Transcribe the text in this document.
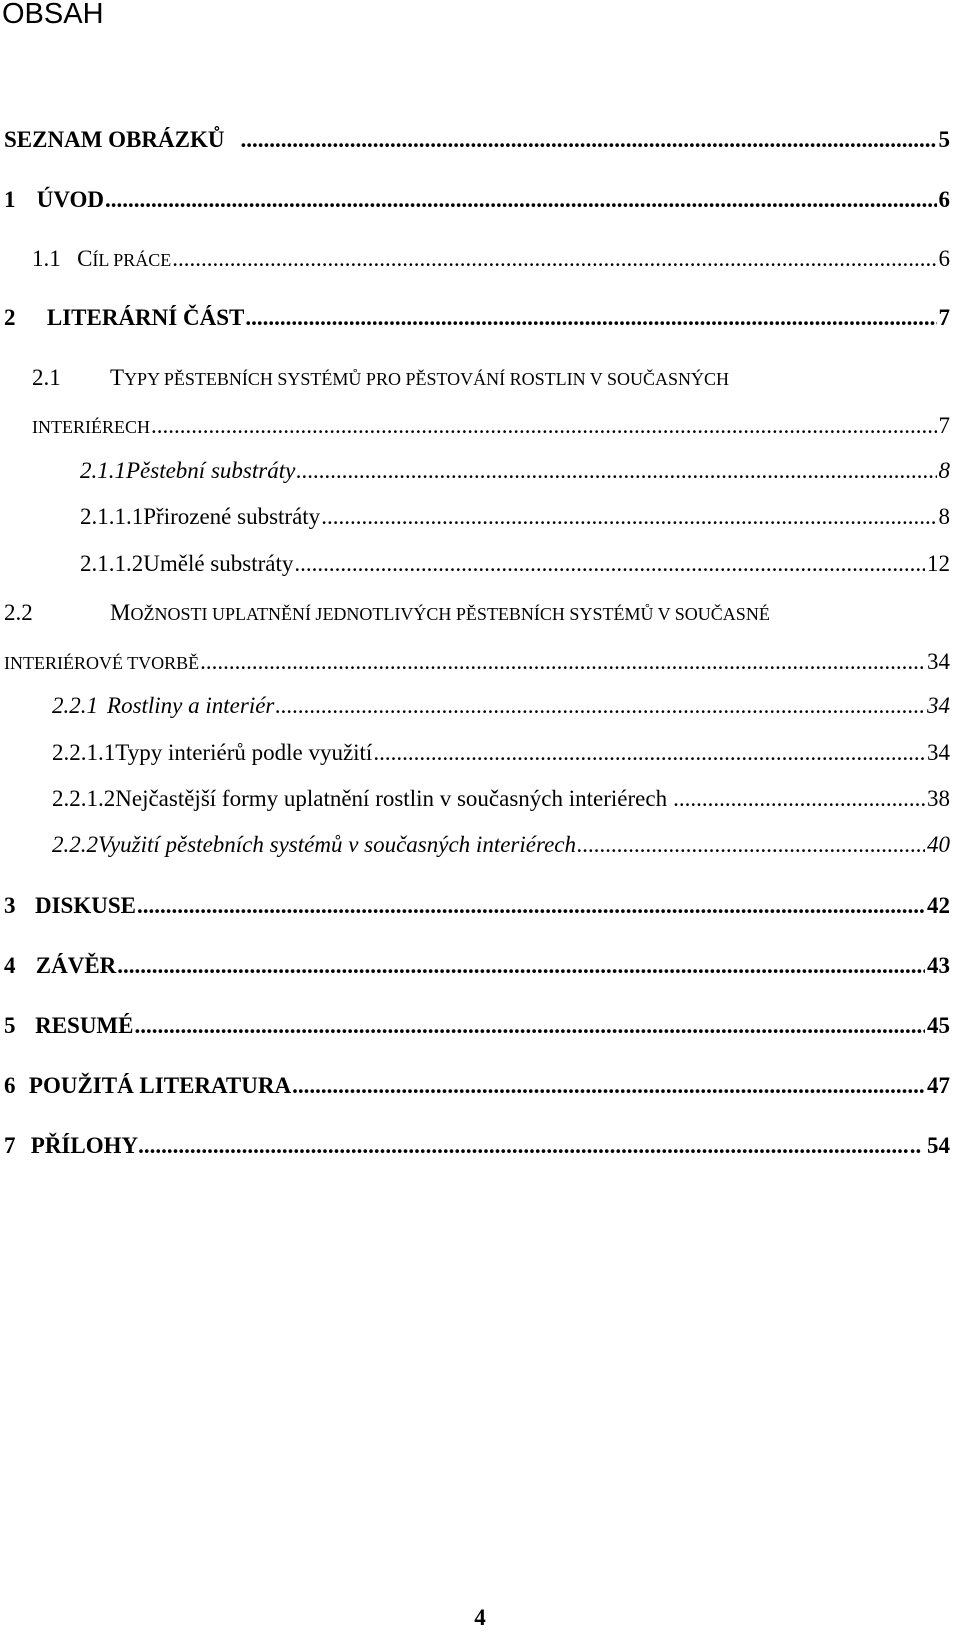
OBSAH
SEZNAM OBRÁZKŮ .....	5
1 ÚVOD .....	6
1.1 CÍL PRÁCE .....	6
2	LITERÁRNÍ ČÁST .....	7
2.1 TYPY PĚSTEBNÍCH SYSTÉMŮ PRO PĚSTOVÁNÍ ROSTLIN V SOUČASNÝCH
INTERIÉRECH .....	7
2.1.1 Pěstební substráty .....	8
2.1.1.1 Přirozené substráty .....	8
2.1.1.2 Umělé substráty .....	12
2.2	MOŽNOSTI UPLATNĚNÍ JEDNOTLIVÝCH PĚSTEBNÍCH SYSTÉMŮ V SOUČASNÉ
INTERIÉROVÉ TVORBĚ .....	34
2.2.1 Rostliny a interiér .....	34
2.2.1.1 Typy interiérů podle využití .....	34
2.2.1.2 Nejčastější formy uplatnění rostlin v současných interiérech .....	38
2.2.2 Využití pěstebních systémů v současných interiérech .....	40
3 DISKUSE .....	42
4 ZÁVĚR .....	43
5 RESUMÉ .....	45
6 POUŽITÁ LITERATURA .....	47
7 PŘÍLOHY .....	.. 54
4
